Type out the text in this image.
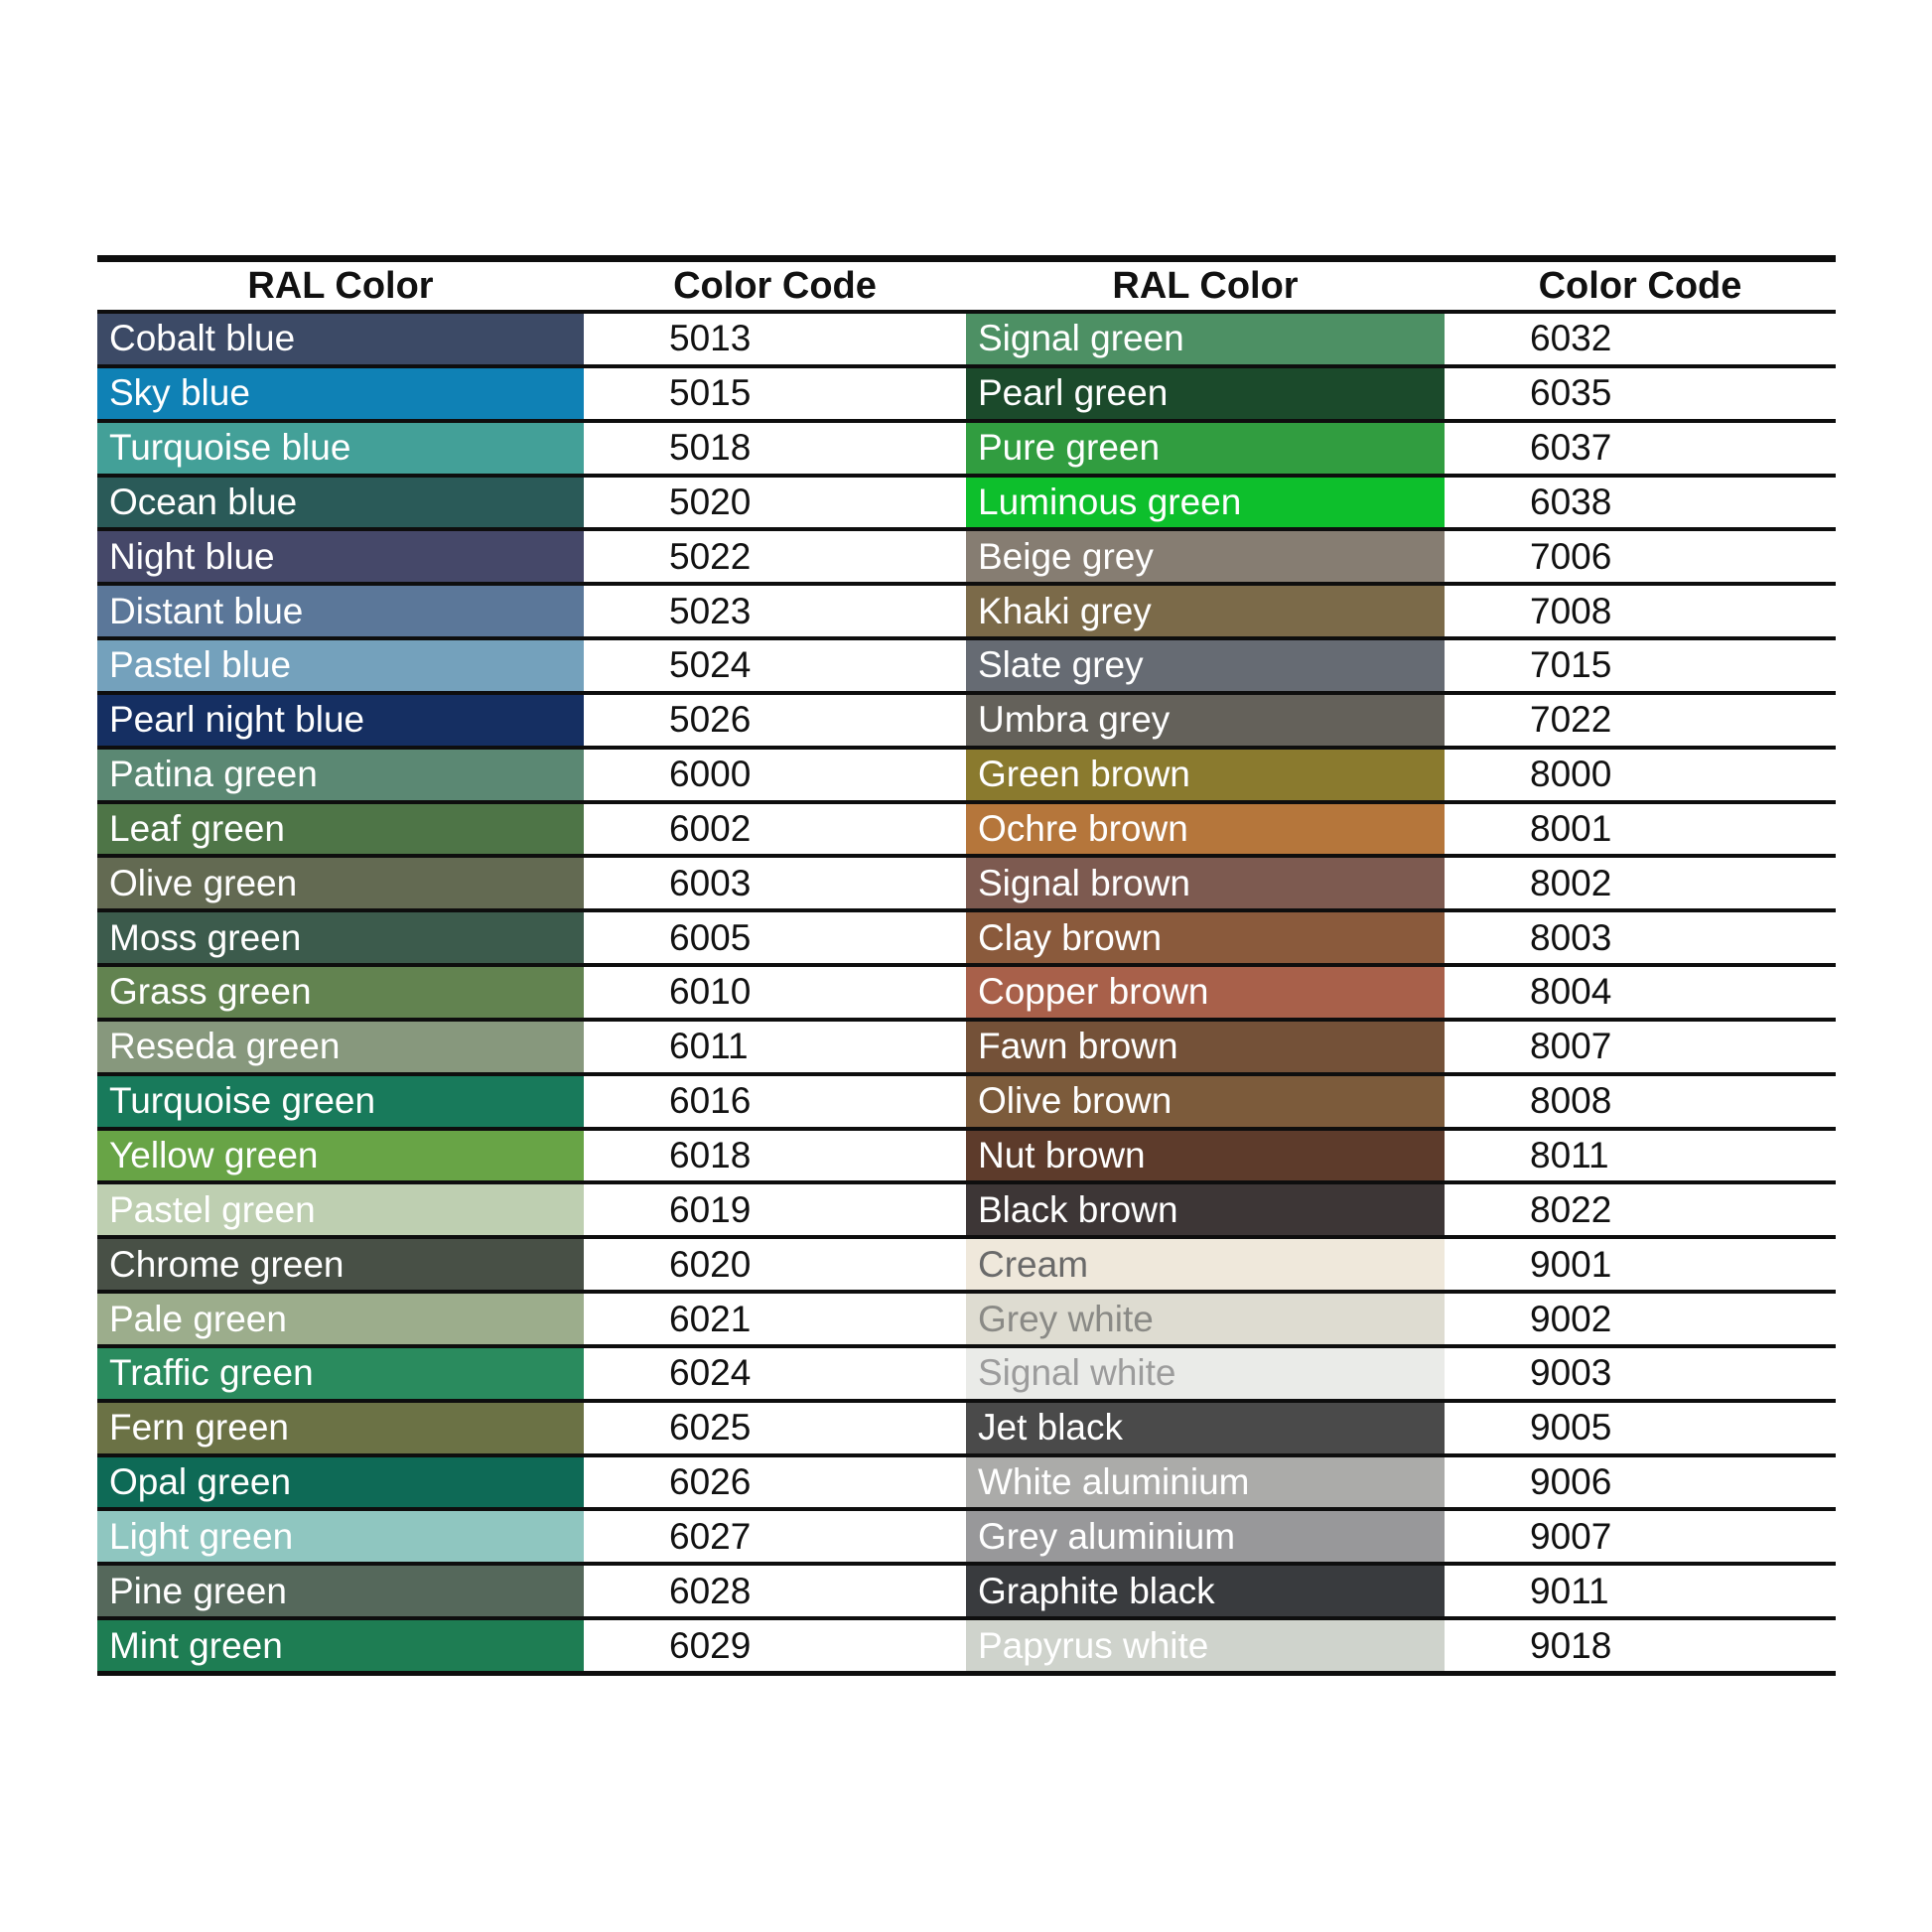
RAL Color	Color Code	RAL Color	Color Code
Cobalt blue	5013	Signal green	6032
Sky blue	5015	Pearl green	6035
Turquoise blue	5018	Pure green	6037
Ocean blue	5020	Luminous green	6038
Night blue	5022	Beige grey	7006
Distant blue	5023	Khaki grey	7008
Pastel blue	5024	Slate grey	7015
Pearl night blue	5026	Umbra grey	7022
Patina green	6000	Green brown	8000
Leaf green	6002	Ochre brown	8001
Olive green	6003	Signal brown	8002
Moss green	6005	Clay brown	8003
Grass green	6010	Copper brown	8004
Reseda green	6011	Fawn brown	8007
Turquoise green	6016	Olive brown	8008
Yellow green	6018	Nut brown	8011
Pastel green	6019	Black brown	8022
Chrome green	6020	Cream	9001
Pale green	6021	Grey white	9002
Traffic green	6024	Signal white	9003
Fern green	6025	Jet black	9005
Opal green	6026	White aluminium	9006
Light green	6027	Grey aluminium	9007
Pine green	6028	Graphite black	9011
Mint green	6029	Papyrus white	9018
